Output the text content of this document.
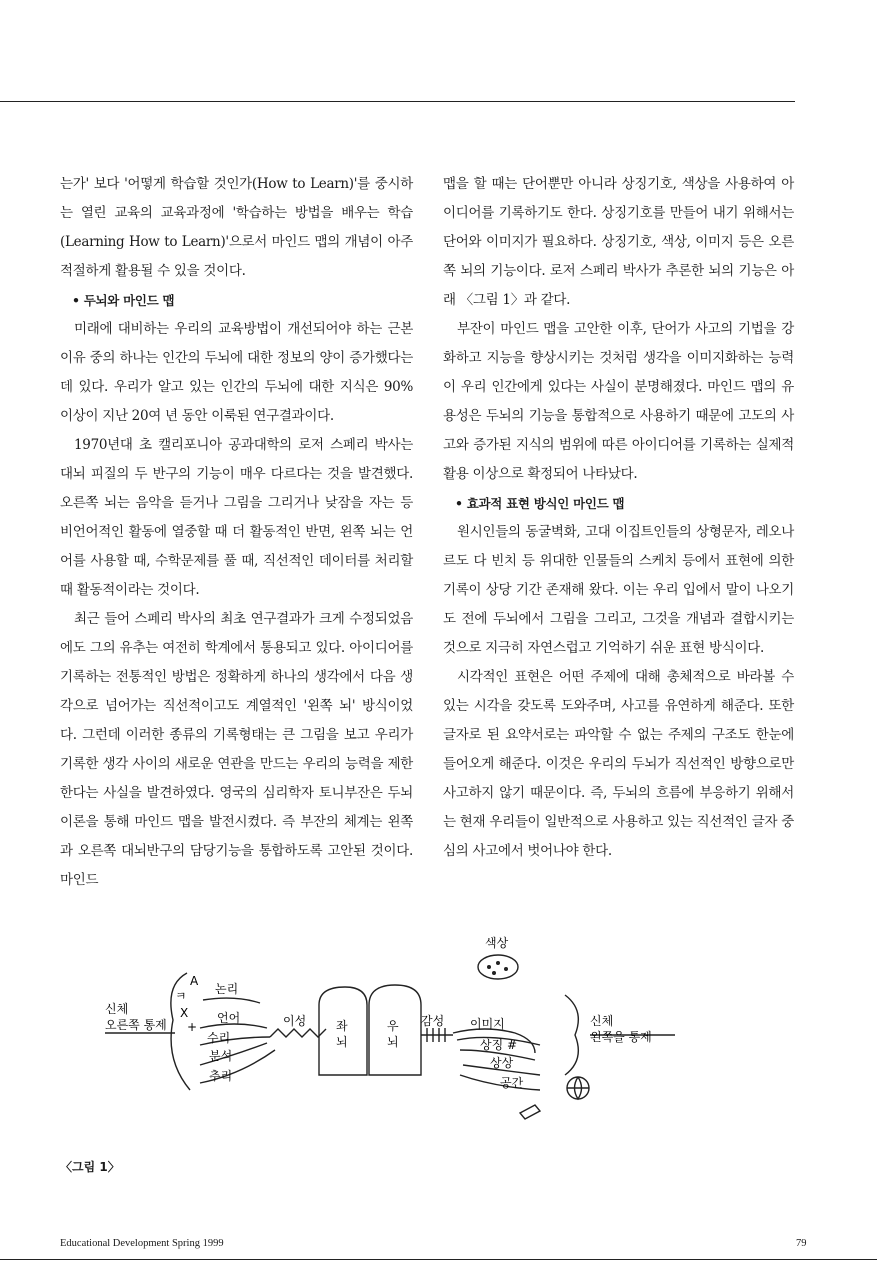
는가' 보다 '어떻게 학습할 것인가(How to Learn)'를 중시하는 열린 교육의 교육과정에 '학습하는 방법을 배우는 학습(Learning How to Learn)'으로서 마인드 맵의 개념이 아주 적절하게 활용될 수 있을 것이다.

• 두뇌와 마인드 맵

미래에 대비하는 우리의 교육방법이 개선되어야 하는 근본 이유 중의 하나는 인간의 두뇌에 대한 정보의 양이 증가했다는 데 있다. 우리가 알고 있는 인간의 두뇌에 대한 지식은 90% 이상이 지난 20여 년 동안 이룩된 연구결과이다.

1970년대 초 캘리포니아 공과대학의 로저 스페리 박사는 대뇌 피질의 두 반구의 기능이 매우 다르다는 것을 발견했다. 오른쪽 뇌는 음악을 듣거나 그림을 그리거나 낮잠을 자는 등 비언어적인 활동에 열중할 때 더 활동적인 반면, 왼쪽 뇌는 언어를 사용할 때, 수학문제를 풀 때, 직선적인 데이터를 처리할 때 활동적이라는 것이다.

최근 들어 스페리 박사의 최초 연구결과가 크게 수정되었음에도 그의 유추는 여전히 학계에서 통용되고 있다. 아이디어를 기록하는 전통적인 방법은 정확하게 하나의 생각에서 다음 생각으로 넘어가는 직선적이고도 계열적인 '왼쪽 뇌' 방식이었다. 그런데 이러한 종류의 기록형태는 큰 그림을 보고 우리가 기록한 생각 사이의 새로운 연관을 만드는 우리의 능력을 제한한다는 사실을 발견하였다. 영국의 심리학자 토니부잔은 두뇌이론을 통해 마인드 맵을 발전시켰다. 즉 부잔의 체계는 왼쪽과 오른쪽 대뇌반구의 담당기능을 통합하도록 고안된 것이다. 마인드

맵을 할 때는 단어뿐만 아니라 상징기호, 색상을 사용하여 아이디어를 기록하기도 한다. 상징기호를 만들어 내기 위해서는 단어와 이미지가 필요하다. 상징기호, 색상, 이미지 등은 오른쪽 뇌의 기능이다. 로저 스페리 박사가 추론한 뇌의 기능은 아래 〈그림 1〉과 같다.

부잔이 마인드 맵을 고안한 이후, 단어가 사고의 기법을 강화하고 지능을 향상시키는 것처럼 생각을 이미지화하는 능력이 우리 인간에게 있다는 사실이 분명해졌다. 마인드 맵의 유용성은 두뇌의 기능을 통합적으로 사용하기 때문에 고도의 사고와 증가된 지식의 범위에 따른 아이디어를 기록하는 실제적 활용 이상으로 확정되어 나타났다.

• 효과적 표현 방식인 마인드 맵

원시인들의 동굴벽화, 고대 이집트인들의 상형문자, 레오나르도 다 빈치 등 위대한 인물들의 스케치 등에서 표현에 의한 기록이 상당 기간 존재해 왔다. 이는 우리 입에서 말이 나오기도 전에 두뇌에서 그림을 그리고, 그것을 개념과 결합시키는 것으로 지극히 자연스럽고 기억하기 쉬운 표현 방식이다.

시각적인 표현은 어떤 주제에 대해 총체적으로 바라볼 수 있는 시각을 갖도록 도와주며, 사고를 유연하게 해준다. 또한 글자로 된 요약서로는 파악할 수 없는 주제의 구조도 한눈에 들어오게 해준다. 이것은 우리의 두뇌가 직선적인 방향으로만 사고하지 않기 때문이다. 즉, 두뇌의 흐름에 부응하기 위해서는 현재 우리들이 일반적으로 사용하고 있는 직선적인 글자 중심의 사고에서 벗어나야 한다.

신체 오른쪽 통제
논리
언어
수리
분석
추리
A
ㅋ
X
+	이성 좌 뇌
우 뇌
감성
색상
이미지
상징 #
상상
공간
신체 왼쪽을 통제
〈그림 1〉
Educational Development Spring 1999	79
